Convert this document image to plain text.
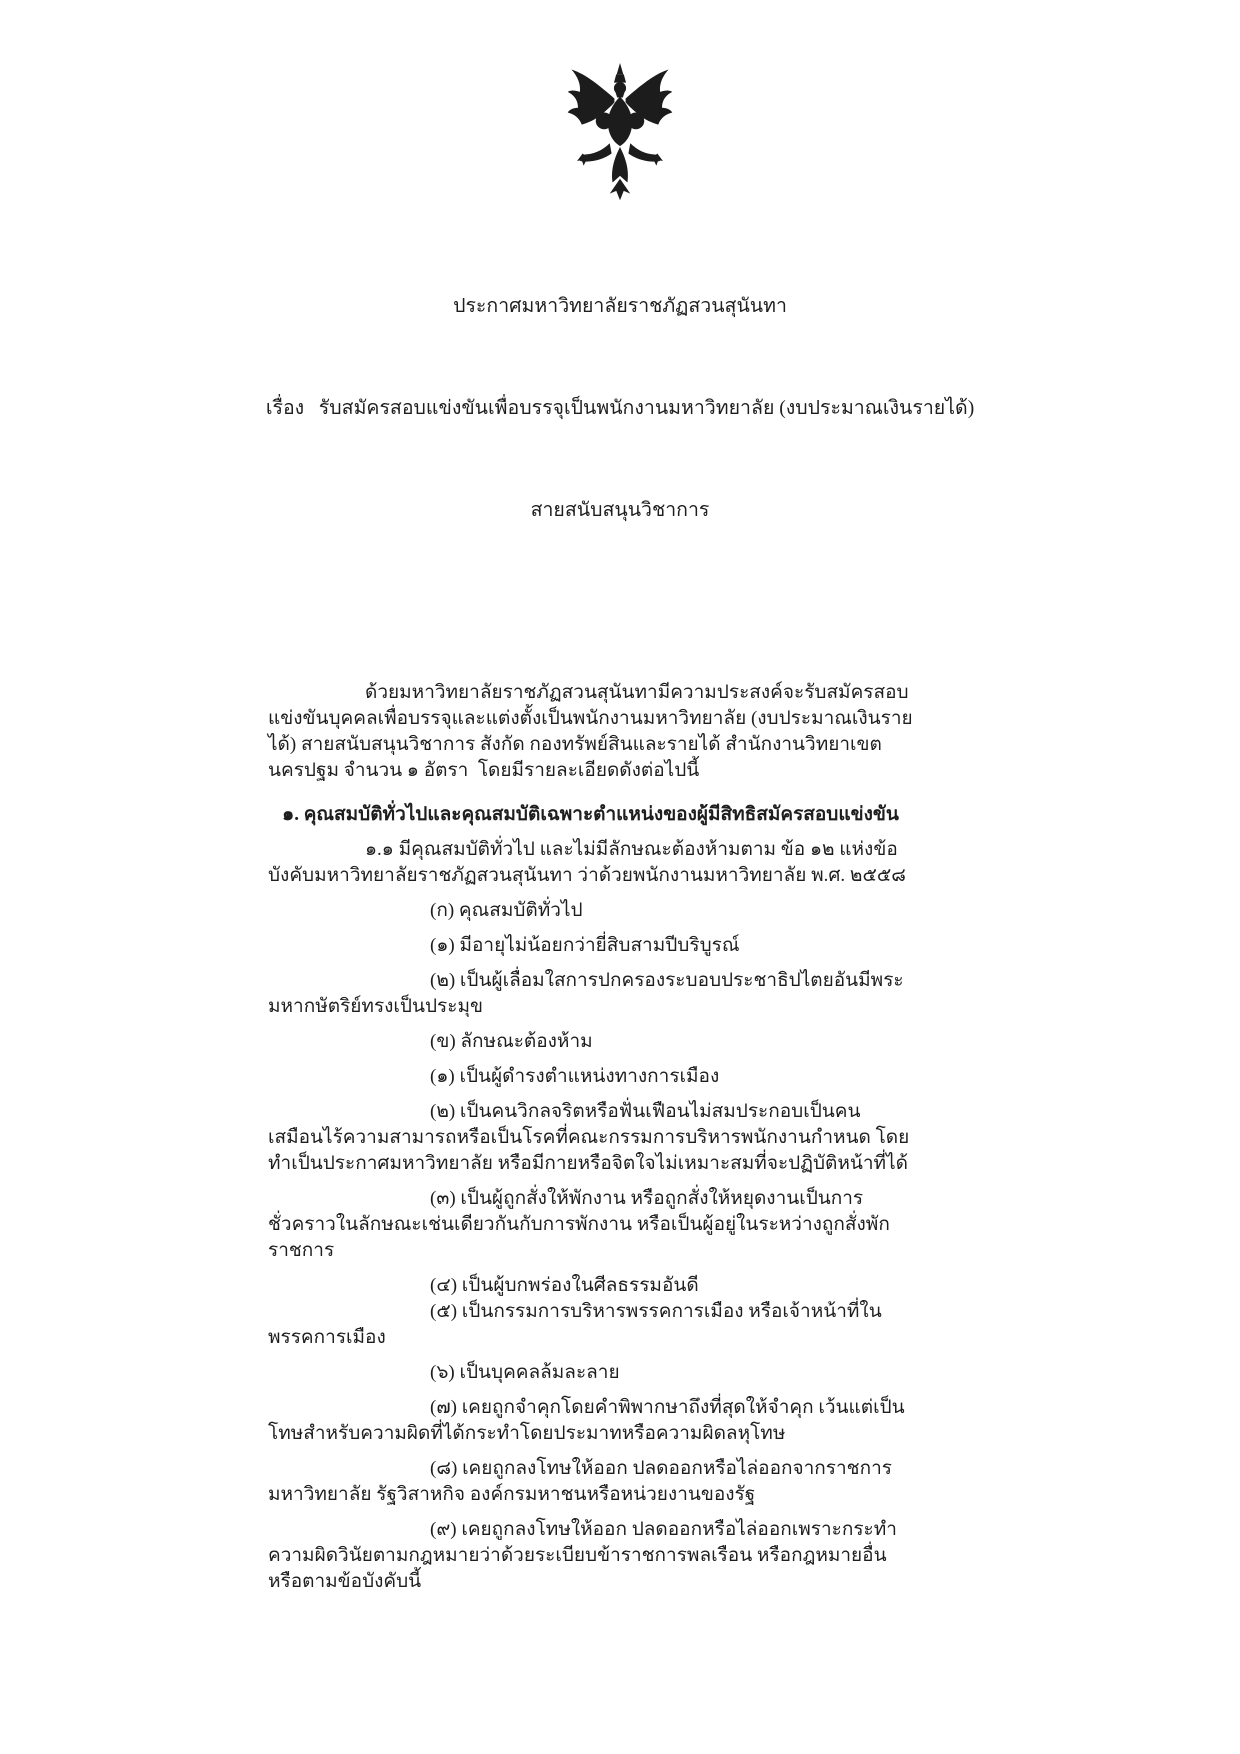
ประกาศมหาวิทยาลัยราชภัฏสวนสุนันทา

เรื่อง   รับสมัครสอบแข่งขันเพื่อบรรจุเป็นพนักงานมหาวิทยาลัย (งบประมาณเงินรายได้)

สายสนับสนุนวิชาการ

ด้วยมหาวิทยาลัยราชภัฏสวนสุนันทามีความประสงค์จะรับสมัครสอบแข่งขันบุคคลเพื่อบรรจุและแต่งตั้งเป็นพนักงานมหาวิทยาลัย (งบประมาณเงินรายได้) สายสนับสนุนวิชาการ สังกัด กองทรัพย์สินและรายได้ สำนักงานวิทยาเขตนครปฐม จำนวน ๑ อัตรา  โดยมีรายละเอียดดังต่อไปนี้

๑. คุณสมบัติทั่วไปและคุณสมบัติเฉพาะตำแหน่งของผู้มีสิทธิสมัครสอบแข่งขัน

๑.๑ มีคุณสมบัติทั่วไป และไม่มีลักษณะต้องห้ามตาม ข้อ ๑๒ แห่งข้อบังคับมหาวิทยาลัยราชภัฏสวนสุนันทา ว่าด้วยพนักงานมหาวิทยาลัย พ.ศ. ๒๕๕๘

(ก) คุณสมบัติทั่วไป

(๑) มีอายุไม่น้อยกว่ายี่สิบสามปีบริบูรณ์

(๒) เป็นผู้เลื่อมใสการปกครองระบอบประชาธิปไตยอันมีพระมหากษัตริย์ทรงเป็นประมุข

(ข) ลักษณะต้องห้าม

(๑) เป็นผู้ดำรงตำแหน่งทางการเมือง

(๒) เป็นคนวิกลจริตหรือฟั่นเฟือนไม่สมประกอบเป็นคนเสมือนไร้ความสามารถหรือเป็นโรคที่คณะกรรมการบริหารพนักงานกำหนด โดยทำเป็นประกาศมหาวิทยาลัย หรือมีกายหรือจิตใจไม่เหมาะสมที่จะปฏิบัติหน้าที่ได้

(๓) เป็นผู้ถูกสั่งให้พักงาน หรือถูกสั่งให้หยุดงานเป็นการชั่วคราวในลักษณะเช่นเดียวกันกับการพักงาน หรือเป็นผู้อยู่ในระหว่างถูกสั่งพักราชการ

(๔) เป็นผู้บกพร่องในศีลธรรมอันดี

(๕) เป็นกรรมการบริหารพรรคการเมือง หรือเจ้าหน้าที่ในพรรคการเมือง

(๖) เป็นบุคคลล้มละลาย

(๗) เคยถูกจำคุกโดยคำพิพากษาถึงที่สุดให้จำคุก เว้นแต่เป็นโทษสำหรับความผิดที่ได้กระทำโดยประมาทหรือความผิดลหุโทษ

(๘) เคยถูกลงโทษให้ออก ปลดออกหรือไล่ออกจากราชการ มหาวิทยาลัย รัฐวิสาหกิจ องค์กรมหาชนหรือหน่วยงานของรัฐ

(๙) เคยถูกลงโทษให้ออก ปลดออกหรือไล่ออกเพราะกระทำความผิดวินัยตามกฎหมายว่าด้วยระเบียบข้าราชการพลเรือน หรือกฎหมายอื่น หรือตามข้อบังคับนี้
